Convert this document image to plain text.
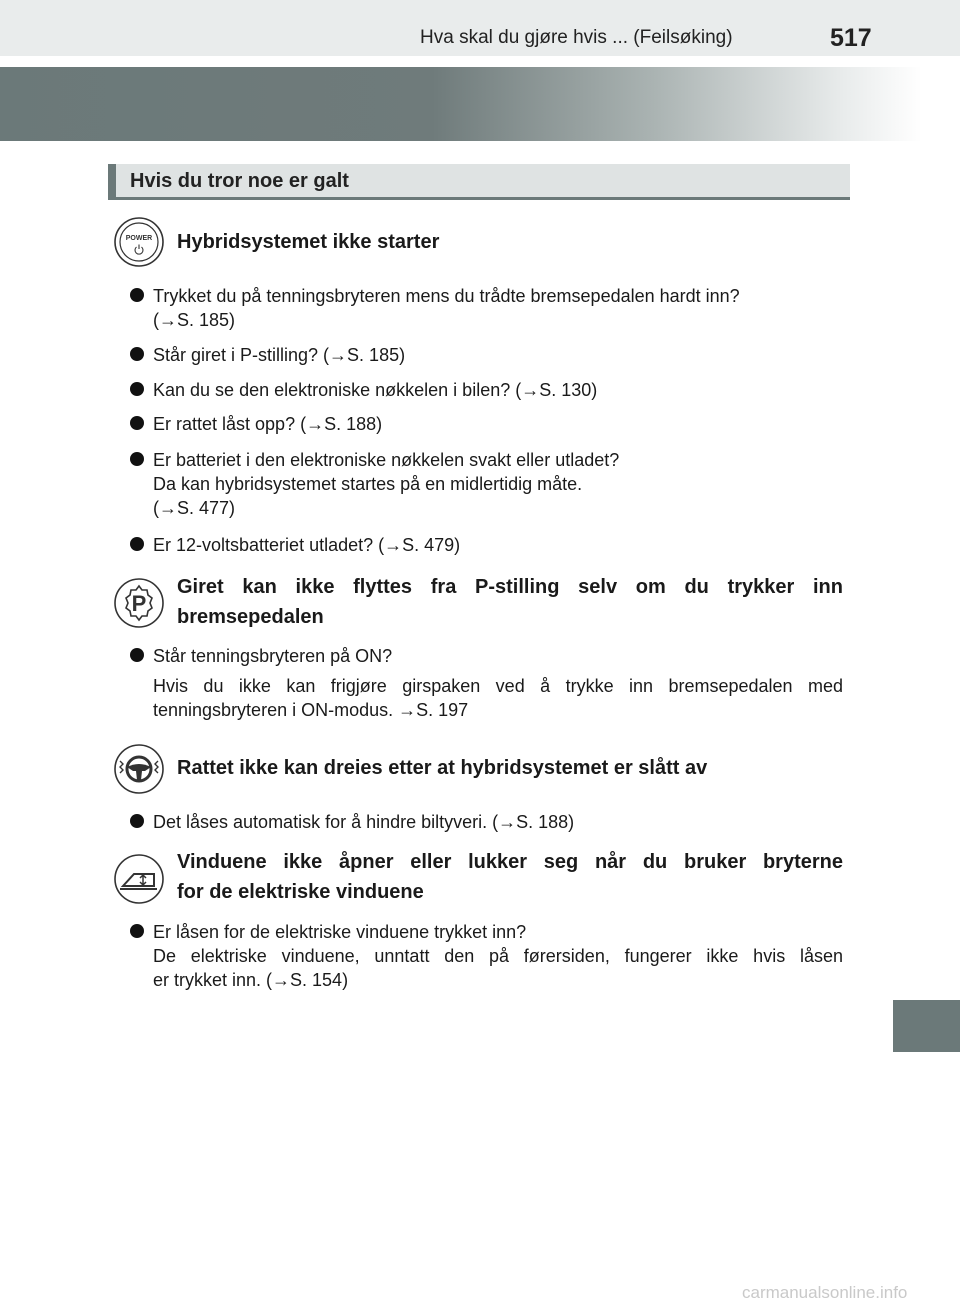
Hva skal du gjøre hvis ... (Feilsøking)	517
Hvis du tror noe er galt
POWER Hybridsystemet ikke starter
Trykket du på tenningsbryteren mens du trådte bremsepedalen hardt inn?
(→S. 185)
Står giret i P-stilling? (→S. 185)
Kan du se den elektroniske nøkkelen i bilen? (→S. 130)
Er rattet låst opp? (→S. 188)
Er batteriet i den elektroniske nøkkelen svakt eller utladet?
Da kan hybridsystemet startes på en midlertidig måte.
(→S. 477)
Er 12-voltsbatteriet utladet? (→S. 479)
P
Giret kan ikke flyttes fra P-stilling selv om du trykker inn
bremsepedalen
Står tenningsbryteren på ON?
Hvis du ikke kan frigjøre girspaken ved å trykke inn bremsepedalen med
tenningsbryteren i ON-modus. →S. 197
Rattet ikke kan dreies etter at hybridsystemet er slått av
Det låses automatisk for å hindre biltyveri. (→S. 188)
Vinduene ikke åpner eller lukker seg når du bruker bryterne
for de elektriske vinduene
Er låsen for de elektriske vinduene trykket inn?
De elektriske vinduene, unntatt den på førersiden, fungerer ikke hvis låsen
er trykket inn. (→S. 154)
carmanualsonline.info
